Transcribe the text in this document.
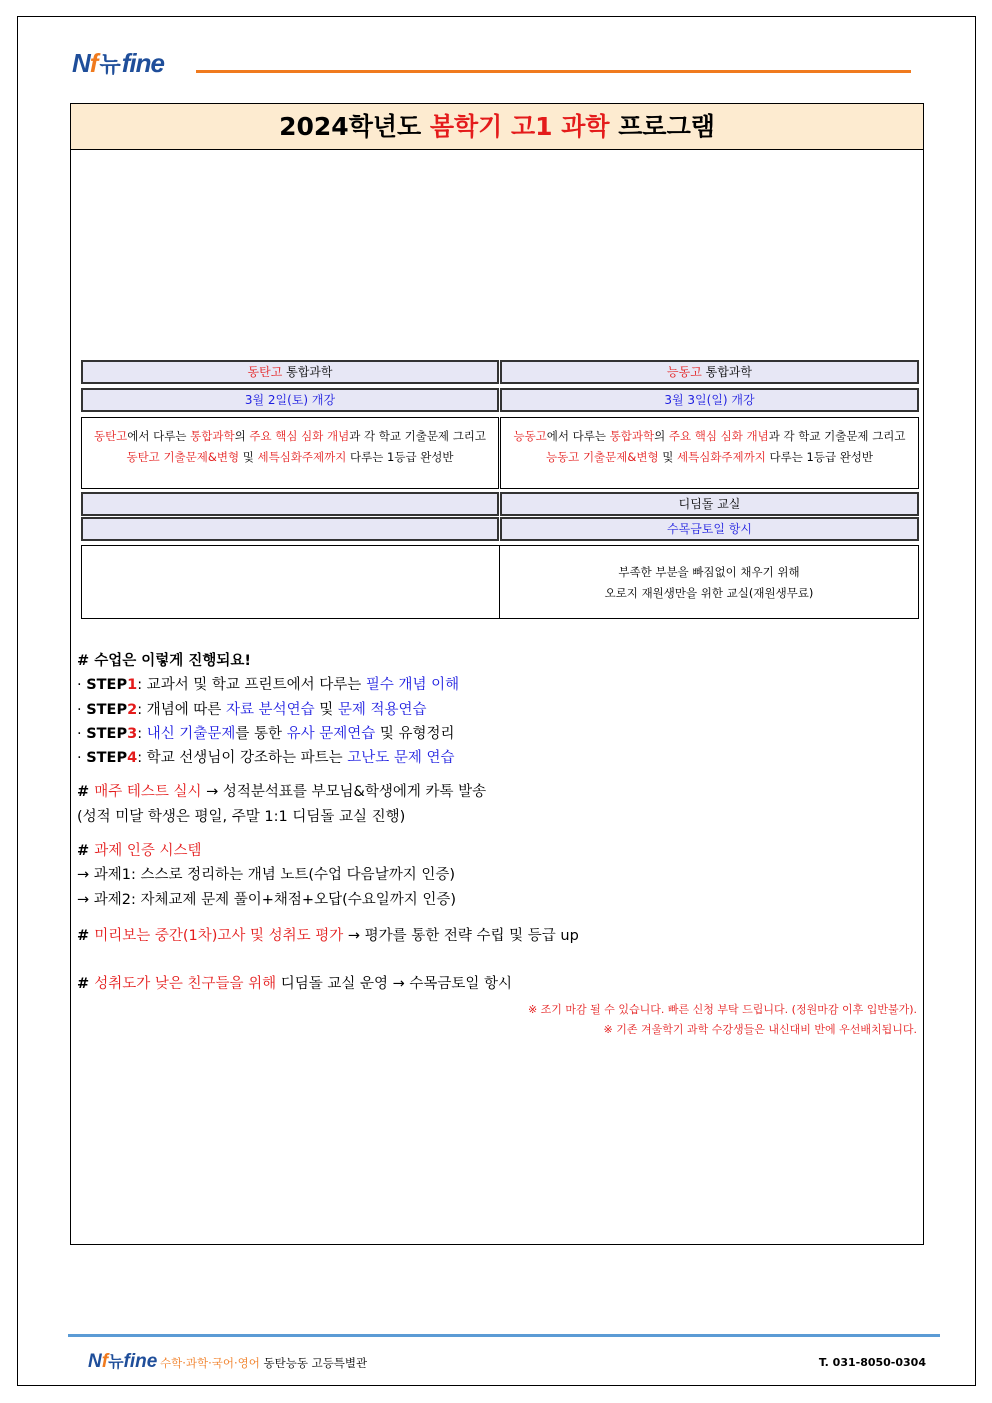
Nf뉴fine
2024학년도 봄학기 고1 과학 프로그램
동탄고 통합과학
3월 2일(토) 개강
동탄고에서 다루는 통합과학의 주요 핵심 심화 개념과 각 학교 기출문제 그리고
동탄고 기출문제&변형 및 세특심화주제까지 다루는 1등급 완성반
능동고 통합과학
3월 3일(일) 개강
능동고에서 다루는 통합과학의 주요 핵심 심화 개념과 각 학교 기출문제 그리고
능동고 기출문제&변형 및 세특심화주제까지 다루는 1등급 완성반
디딤돌 교실
수목금토일 항시
부족한 부분을 빠짐없이 채우기 위해
오로지 재원생만을 위한 교실(재원생무료)
# 수업은 이렇게 진행되요!
· STEP1: 교과서 및 학교 프린트에서 다루는 필수 개념 이해
· STEP2: 개념에 따른 자료 분석연습 및 문제 적용연습
· STEP3: 내신 기출문제를 통한 유사 문제연습 및 유형정리
· STEP4: 학교 선생님이 강조하는 파트는 고난도 문제 연습
# 매주 테스트 실시 → 성적분석표를 부모님&학생에게 카톡 발송
(성적 미달 학생은 평일, 주말 1:1 디딤돌 교실 진행)
# 과제 인증 시스템
→ 과제1: 스스로 정리하는 개념 노트(수업 다음날까지 인증)
→ 과제2: 자체교제 문제 풀이+채점+오답(수요일까지 인증)
# 미리보는 중간(1차)고사 및 성취도 평가 → 평가를 통한 전략 수립 및 등급 up
# 성취도가 낮은 친구들을 위해 디딤돌 교실 운영 → 수목금토일 항시
※ 조기 마감 될 수 있습니다. 빠른 신청 부탁 드립니다. (정원마감 이후 입반불가).
※ 기존 겨울학기 과학 수강생들은 내신대비 반에 우선배치됩니다.
Nf뉴fine 수학·과학·국어·영어 동탄능동 고등특별관	T. 031-8050-0304
